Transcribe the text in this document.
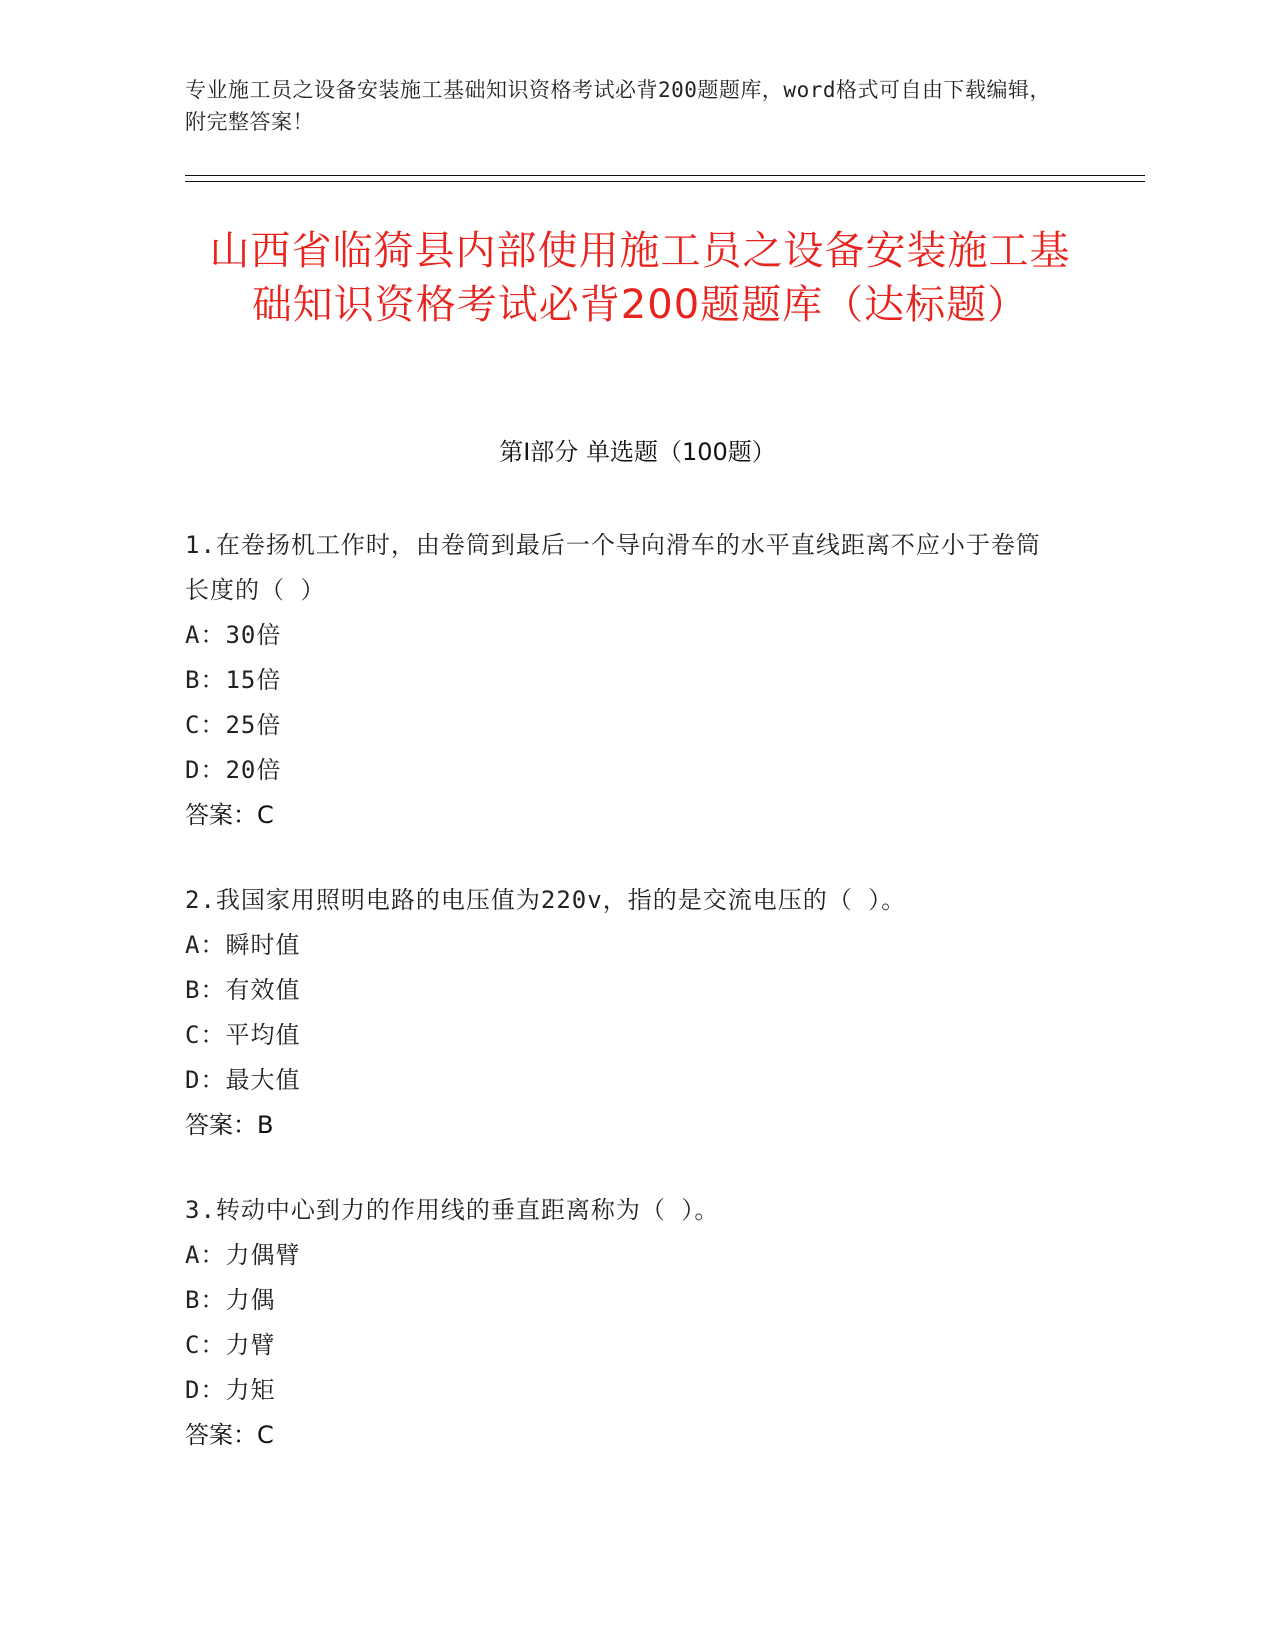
专业施工员之设备安装施工基础知识资格考试必背200题题库，word格式可自由下载编辑，附完整答案！
山西省临猗县内部使用施工员之设备安装施工基础知识资格考试必背200题题库（达标题）
第Ⅰ部分 单选题（100题）
1.在卷扬机工作时，由卷筒到最后一个导向滑车的水平直线距离不应小于卷筒长度的（ ）
A：30倍
B：15倍
C：25倍
D：20倍
答案：C
2.我国家用照明电路的电压值为220v，指的是交流电压的（ ）。
A：瞬时值
B：有效值
C：平均值
D：最大值
答案：B
3.转动中心到力的作用线的垂直距离称为（ ）。
A：力偶臂
B：力偶
C：力臂
D：力矩
答案：C
